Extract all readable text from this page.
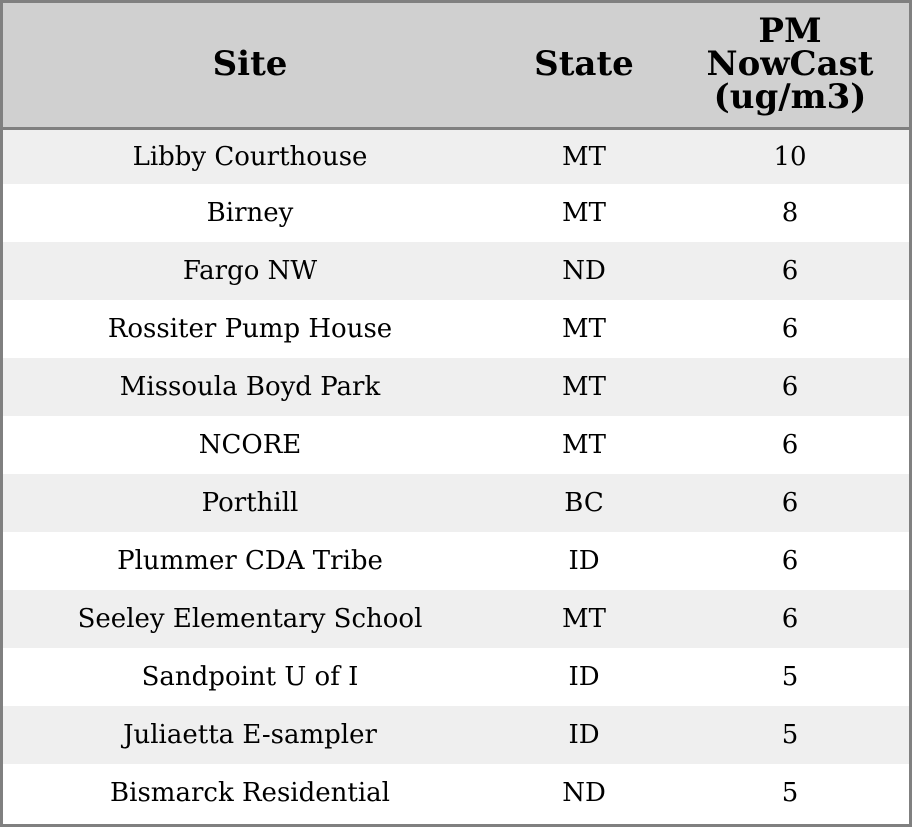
Site	State	PM
NowCast
(ug/m3)
Libby Courthouse	MT	10
Birney	MT	8
Fargo NW	ND	6
Rossiter Pump House	MT	6
Missoula Boyd Park	MT	6
NCORE	MT	6
Porthill	BC	6
Plummer CDA Tribe	ID	6
Seeley Elementary School	MT	6
Sandpoint U of I	ID	5
Juliaetta E-sampler	ID	5
Bismarck Residential	ND	5
